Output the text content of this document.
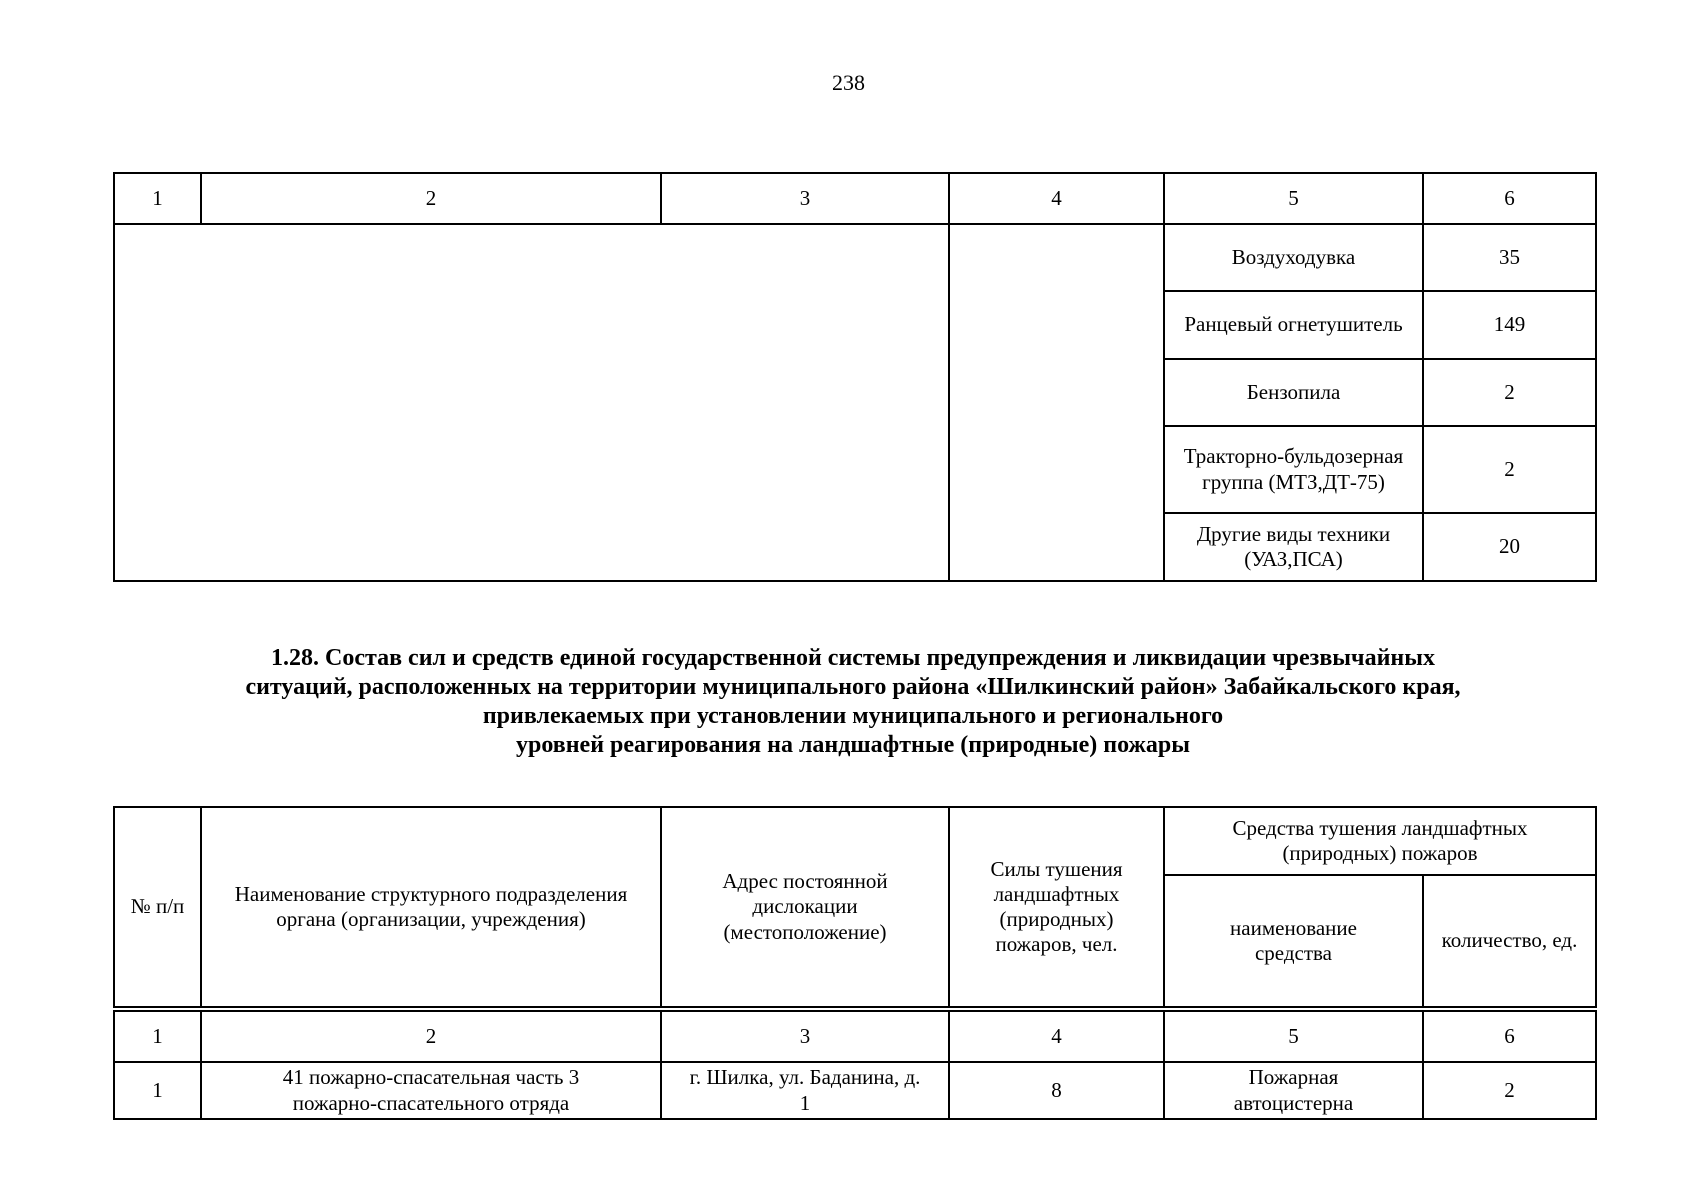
238
1	2	3	4	5	6
				Воздуходувка	35
				Ранцевый огнетушитель	149
				Бензопила	2
				Тракторно-бульдозерная группа (МТЗ,ДТ-75)	2
				Другие виды техники (УАЗ,ПСА)	20
1.28. Состав сил и средств единой государственной системы предупреждения и ликвидации чрезвычайных
ситуаций, расположенных на территории муниципального района «Шилкинский район» Забайкальского края,
привлекаемых при установлении муниципального и регионального
уровней реагирования на ландшафтные (природные) пожары
№ п/п	Наименование структурного подразделения органа (организации, учреждения)	Адрес постоянной дислокации (местоположение)	Силы тушения ландшафтных (природных) пожаров, чел.	Средства тушения ландшафтных (природных) пожаров	
				наименование средства	количество, ед.
1	2	3	4	5	6
1	41 пожарно-спасательная часть 3 пожарно-спасательного отряда	г. Шилка, ул. Баданина, д. 1	8	Пожарная автоцистерна	2
